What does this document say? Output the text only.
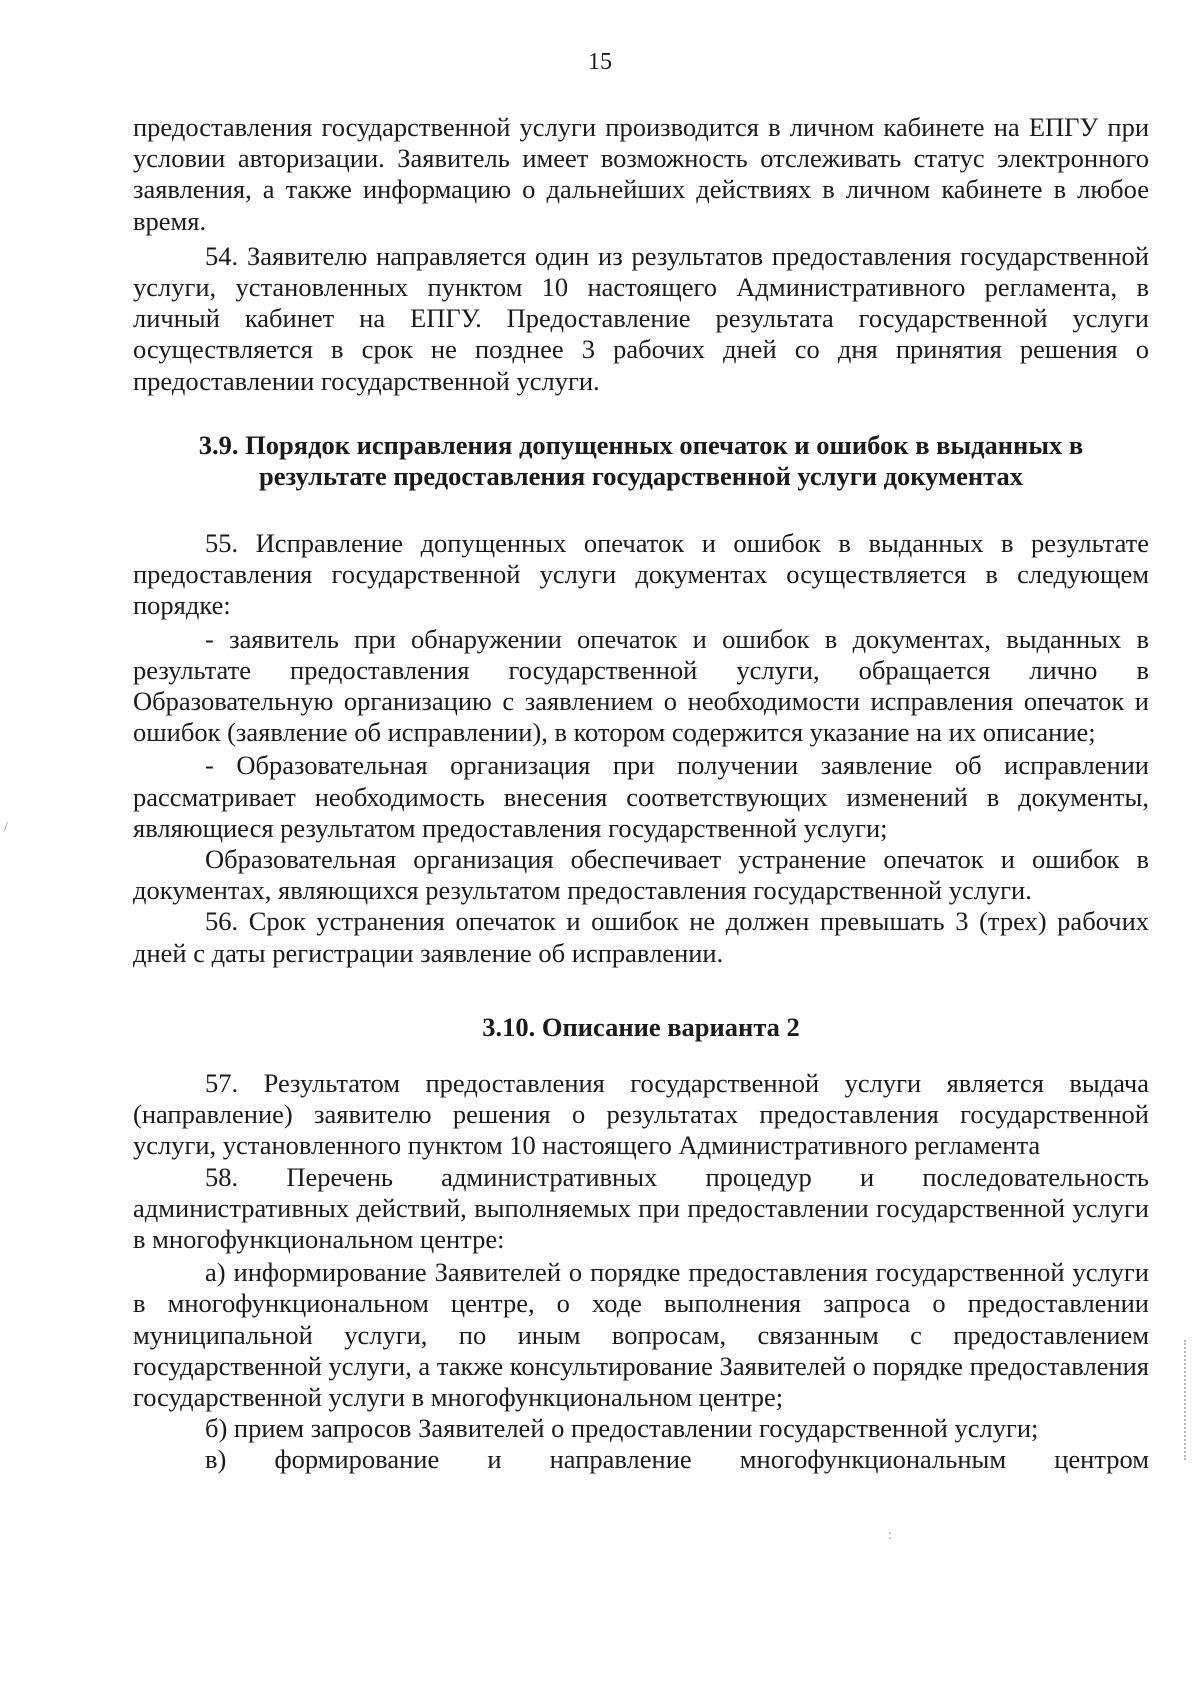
15

предоставления государственной услуги производится в личном кабинете на ЕПГУ при условии авторизации. Заявитель имеет возможность отслеживать статус электронного заявления, а также информацию о дальнейших действиях в личном кабинете в любое время.

54. Заявителю направляется один из результатов предоставления государственной услуги, установленных пунктом 10 настоящего Административного регламента, в личный кабинет на ЕПГУ. Предоставление результата государственной услуги осуществляется в срок не позднее 3 рабочих дней со дня принятия решения о предоставлении государственной услуги.

3.9. Порядок исправления допущенных опечаток и ошибок в выданных в
результате предоставления государственной услуги документах

55. Исправление допущенных опечаток и ошибок в выданных в результате предоставления государственной услуги документах осуществляется в следующем порядке:

- заявитель при обнаружении опечаток и ошибок в документах, выданных в результате предоставления государственной услуги, обращается лично в Образовательную организацию с заявлением о необходимости исправления опечаток и ошибок (заявление об исправлении), в котором содержится указание на их описание;

- Образовательная организация при получении заявление об исправлении рассматривает необходимость внесения соответствующих изменений в документы, являющиеся результатом предоставления государственной услуги;

Образовательная организация обеспечивает устранение опечаток и ошибок в документах, являющихся результатом предоставления государственной услуги.

56. Срок устранения опечаток и ошибок не должен превышать 3 (трех) рабочих дней с даты регистрации заявление об исправлении.

3.10. Описание варианта 2

57. Результатом предоставления государственной услуги является выдача (направление) заявителю решения о результатах предоставления государственной услуги, установленного пунктом 10 настоящего Административного регламента

58. Перечень административных процедур и последовательность административных действий, выполняемых при предоставлении государственной услуги в многофункциональном центре:

а) информирование Заявителей о порядке предоставления государственной услуги в многофункциональном центре, о ходе выполнения запроса о предоставлении муниципальной услуги, по иным вопросам, связанным с предоставлением государственной услуги, а также консультирование Заявителей о порядке предоставления государственной услуги в многофункциональном центре;

б) прием запросов Заявителей о предоставлении государственной услуги;

в) формирование и направление многофункциональным центром

/
:
